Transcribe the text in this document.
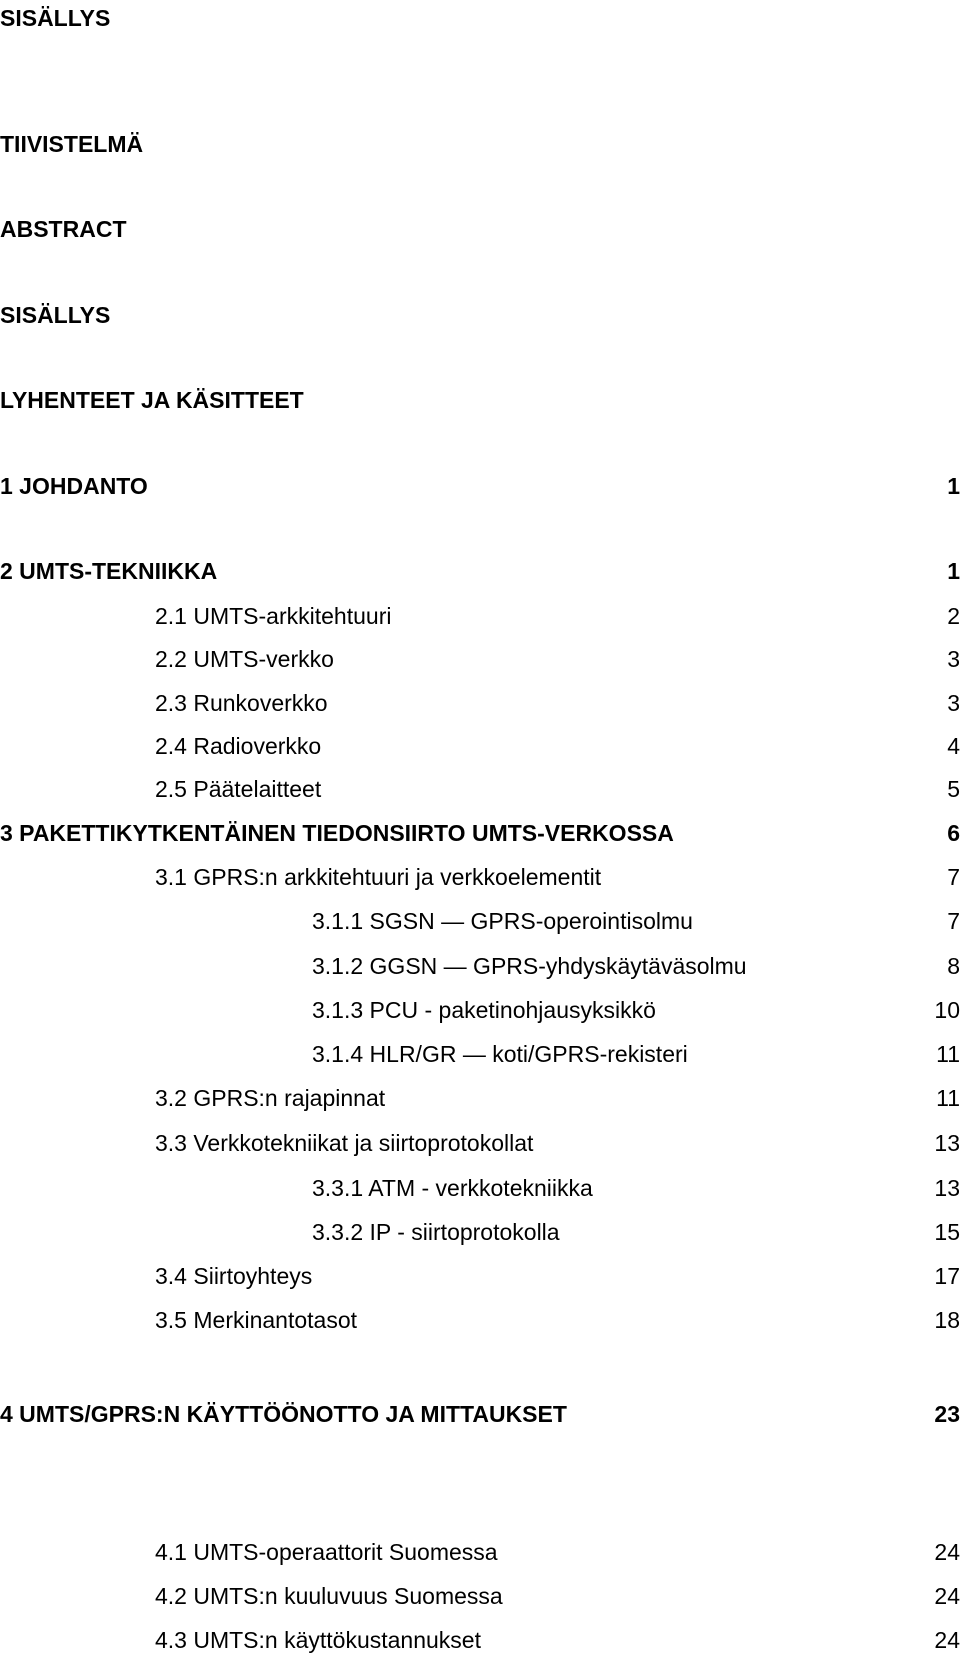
SISÄLLYS
TIIVISTELMÄ
ABSTRACT
SISÄLLYS
LYHENTEET JA KÄSITTEET
1 JOHDANTO	1
2 UMTS-TEKNIIKKA	1
2.1 UMTS-arkkitehtuuri	2
2.2 UMTS-verkko	3
2.3 Runkoverkko	3
2.4 Radioverkko	4
2.5 Päätelaitteet	5
3 PAKETTIKYTKENTÄINEN TIEDONSIIRTO UMTS-VERKOSSA	6
3.1 GPRS:n arkkitehtuuri ja verkkoelementit	7
3.1.1 SGSN — GPRS-operointisolmu	7
3.1.2 GGSN — GPRS-yhdyskäytäväsolmu	8
3.1.3 PCU - paketinohjausyksikkö	10
3.1.4 HLR/GR — koti/GPRS-rekisteri	11
3.2 GPRS:n rajapinnat	11
3.3 Verkkotekniikat ja siirtoprotokollat	13
3.3.1 ATM - verkkotekniikka	13
3.3.2 IP - siirtoprotokolla	15
3.4 Siirtoyhteys	17
3.5 Merkinantotasot	18
4 UMTS/GPRS:N KÄYTTÖÖNOTTO JA MITTAUKSET	23
4.1 UMTS-operaattorit Suomessa	24
4.2 UMTS:n kuuluvuus Suomessa	24
4.3 UMTS:n käyttökustannukset	24
